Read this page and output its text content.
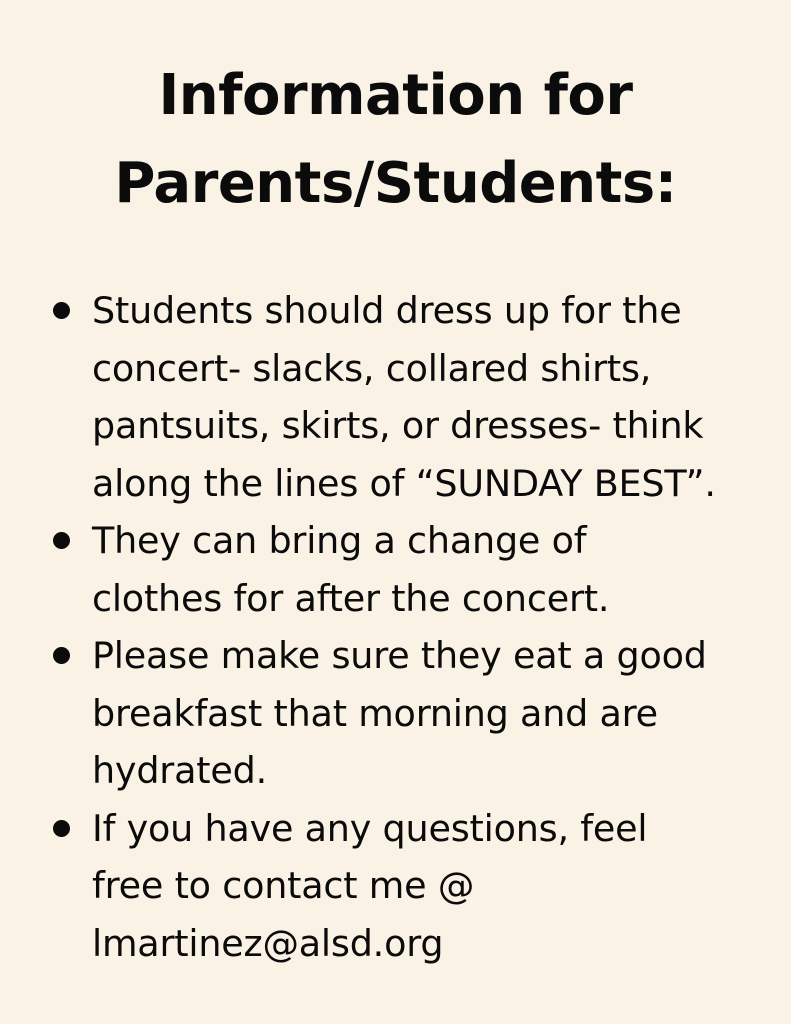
Information for
Parents/Students:
Students should dress up for the
concert- slacks, collared shirts,
pantsuits, skirts, or dresses- think
along the lines of “SUNDAY BEST”.
They can bring a change of
clothes for after the concert.
Please make sure they eat a good
breakfast that morning and are
hydrated.
If you have any questions, feel
free to contact me @
lmartinez@alsd.org
